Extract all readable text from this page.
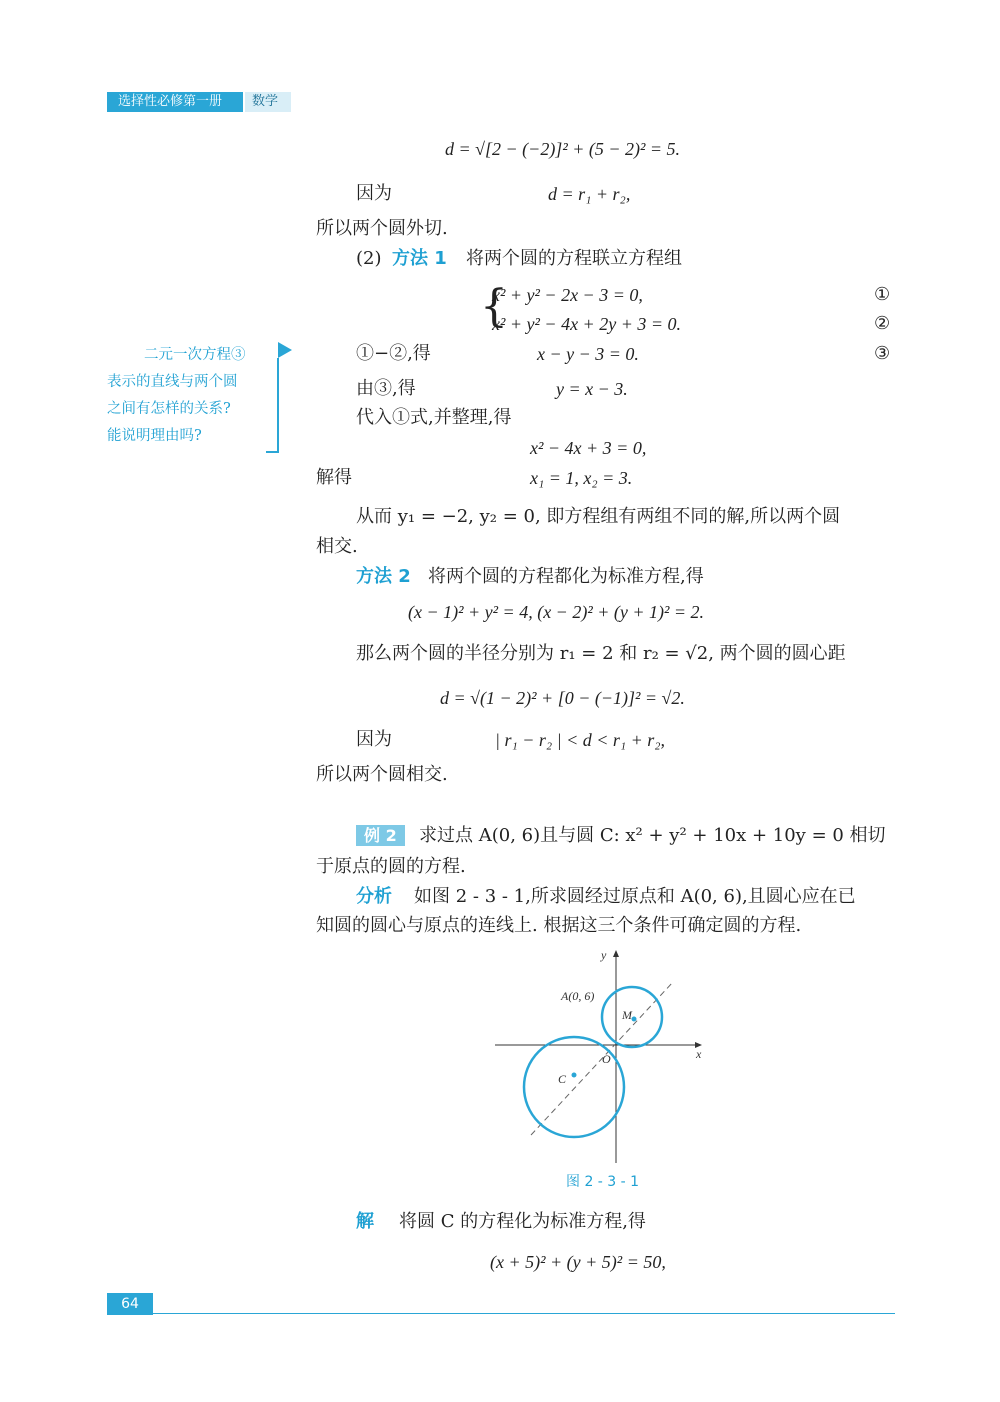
选择性必修第一册 数学
d = √[2 − (−2)]² + (5 − 2)² = 5.
因为	d = r₁ + r₂,
所以两个圆外切.
(2) 方法 1 将两个圆的方程联立方程组
{
x² + y² − 2x − 3 = 0,	①
x² + y² − 4x + 2y + 3 = 0.	②
①−②,得	x − y − 3 = 0.	③
由③,得	y = x − 3.
代入①式,并整理,得
x² − 4x + 3 = 0,
解得	x₁ = 1, x₂ = 3.
从而 y₁ = −2, y₂ = 0, 即方程组有两组不同的解,所以两个圆
相交.
方法 2 将两个圆的方程都化为标准方程,得
(x − 1)² + y² = 4, (x − 2)² + (y + 1)² = 2.
那么两个圆的半径分别为 r₁ = 2 和 r₂ = √2, 两个圆的圆心距
d = √(1 − 2)² + [0 − (−1)]² = √2.
因为	| r₁ − r₂ | < d < r₁ + r₂,
所以两个圆相交.
例 2	求过点 A(0, 6)且与圆 C: x² + y² + 10x + 10y = 0 相切
于原点的圆的方程.
分析 如图 2 - 3 - 1,所求圆经过原点和 A(0, 6),且圆心应在已
知圆的圆心与原点的连线上. 根据这三个条件可确定圆的方程.
y
x
A(0, 6)
M
O
C
图 2 - 3 - 1
解 将圆 C 的方程化为标准方程,得
(x + 5)² + (y + 5)² = 50,
二元一次方程③
表示的直线与两个圆
之间有怎样的关系?
能说明理由吗?
64
